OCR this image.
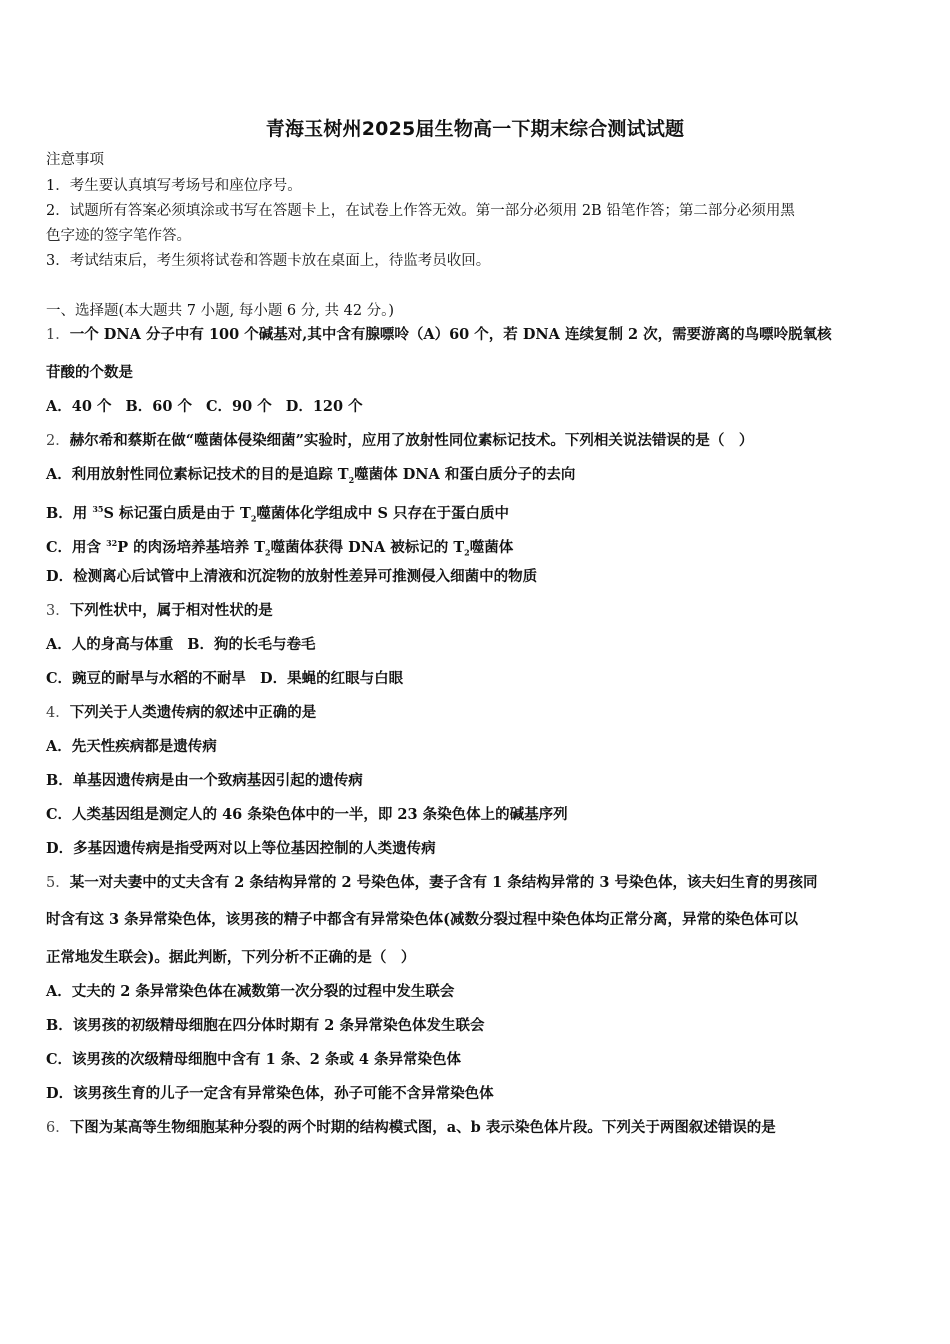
青海玉树州2025届生物高一下期末综合测试试题
注意事项
1．考生要认真填写考场号和座位序号。
2．试题所有答案必须填涂或书写在答题卡上，在试卷上作答无效。第一部分必须用 2B 铅笔作答；第二部分必须用黑
色字迹的签字笔作答。
3．考试结束后，考生须将试卷和答题卡放在桌面上，待监考员收回。
一、选择题(本大题共 7 小题, 每小题 6 分, 共 42 分。)
1．一个 DNA 分子中有 100 个碱基对,其中含有腺嘌呤（A）60 个，若 DNA 连续复制 2 次，需要游离的鸟嘌呤脱氧核
苷酸的个数是
A．40 个 B．60 个 C．90 个 D．120 个
2．赫尔希和蔡斯在做“噬菌体侵染细菌”实验时，应用了放射性同位素标记技术。下列相关说法错误的是（　）
A．利用放射性同位素标记技术的目的是追踪 $T_2$噬菌体 DNA 和蛋白质分子的去向
B．用 $^{35}$S 标记蛋白质是由于 $T_2$噬菌体化学组成中 S 只存在于蛋白质中
C．用含 $^{32}$P 的肉汤培养基培养 $T_2$噬菌体获得 DNA 被标记的 $T_2$噬菌体
D．检测离心后试管中上清液和沉淀物的放射性差异可推测侵入细菌中的物质
3．下列性状中，属于相对性状的是
A．人的身高与体重 B．狗的长毛与卷毛
C．豌豆的耐旱与水稻的不耐旱 D．果蝇的红眼与白眼
4．下列关于人类遗传病的叙述中正确的是
A．先天性疾病都是遗传病
B．单基因遗传病是由一个致病基因引起的遗传病
C．人类基因组是测定人的 46 条染色体中的一半，即 23 条染色体上的碱基序列
D．多基因遗传病是指受两对以上等位基因控制的人类遗传病
5．某一对夫妻中的丈夫含有 2 条结构异常的 2 号染色体，妻子含有 1 条结构异常的 3 号染色体，该夫妇生育的男孩同
时含有这 3 条异常染色体，该男孩的精子中都含有异常染色体(减数分裂过程中染色体均正常分离，异常的染色体可以
正常地发生联会)。据此判断，下列分析不正确的是（　）
A．丈夫的 2 条异常染色体在减数第一次分裂的过程中发生联会
B．该男孩的初级精母细胞在四分体时期有 2 条异常染色体发生联会
C．该男孩的次级精母细胞中含有 1 条、2 条或 4 条异常染色体
D．该男孩生育的儿子一定含有异常染色体，孙子可能不含异常染色体
6．下图为某高等生物细胞某种分裂的两个时期的结构模式图，a、b 表示染色体片段。下列关于两图叙述错误的是
